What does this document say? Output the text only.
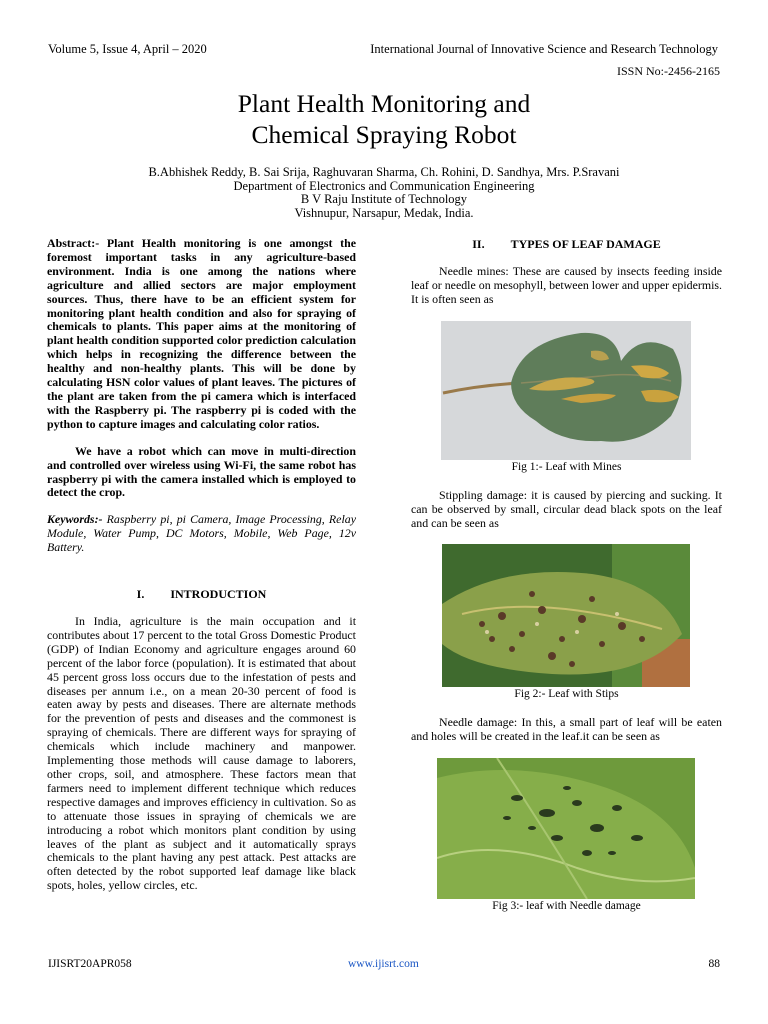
Volume 5, Issue 4, April – 2020	International Journal of Innovative Science and Research Technology
ISSN No:-2456-2165
Plant Health Monitoring and
Chemical Spraying Robot
B.Abhishek Reddy, B. Sai Srija, Raghuvaran Sharma, Ch. Rohini, D. Sandhya, Mrs. P.Sravani
Department of Electronics and Communication Engineering
B V Raju Institute of Technology
Vishnupur, Narsapur, Medak, India.

Abstract:- Plant Health monitoring is one amongst the foremost important tasks in any agriculture-based environment. India is one among the nations where agriculture and allied sectors are major employment sources. Thus, there have to be an efficient system for monitoring plant health condition and also for spraying of chemicals to plants. This paper aims at the monitoring of plant health condition supported color prediction calculation which helps in recognizing the difference between the healthy and non-healthy plants. This will be done by calculating HSN color values of plant leaves. The pictures of the plant are taken from the pi camera which is interfaced with the Raspberry pi. The raspberry pi is coded with the python to capture images and calculating color ratios.

We have a robot which can move in multi-direction and controlled over wireless using Wi-Fi, the same robot has raspberry pi with the camera installed which is employed to detect the crop.

Keywords:- Raspberry pi, pi Camera, Image Processing, Relay Module, Water Pump, DC Motors, Mobile, Web Page, 12v Battery.

I. INTRODUCTION

In India, agriculture is the main occupation and it contributes about 17 percent to the total Gross Domestic Product (GDP) of Indian Economy and agriculture engages around 60 percent of the labor force (population). It is estimated that about 45 percent gross loss occurs due to the infestation of pests and diseases per annum i.e., on a mean 20-30 percent of food is eaten away by pests and diseases. There are alternate methods for the prevention of pests and diseases and the commonest is spraying of chemicals. There are different ways for spraying of chemicals which include machinery and manpower. Implementing those methods will cause damage to laborers, other crops, soil, and atmosphere. These factors mean that farmers need to implement different technique which reduces respective damages and improves efficiency in cultivation. So as to attenuate those issues in spraying of chemicals we are introducing a robot which monitors plant condition by using leaves of the plant as subject and it automatically sprays chemicals to the plant having any pest attack. Pest attacks are often detected by the robot supported leaf damage like black spots, holes, yellow circles, etc.

II. TYPES OF LEAF DAMAGE

Needle mines: These are caused by insects feeding inside leaf or needle on mesophyll, between lower and upper epidermis. It is often seen as

Fig 1:- Leaf with Mines

Stippling damage: it is caused by piercing and sucking. It can be observed by small, circular dead black spots on the leaf and can be seen as

Fig 2:- Leaf with Stips

Needle damage: In this, a small part of leaf will be eaten and holes will be created in the leaf.it can be seen as

Fig 3:- leaf with Needle damage
IJISRT20APR058	www.ijisrt.com	88
